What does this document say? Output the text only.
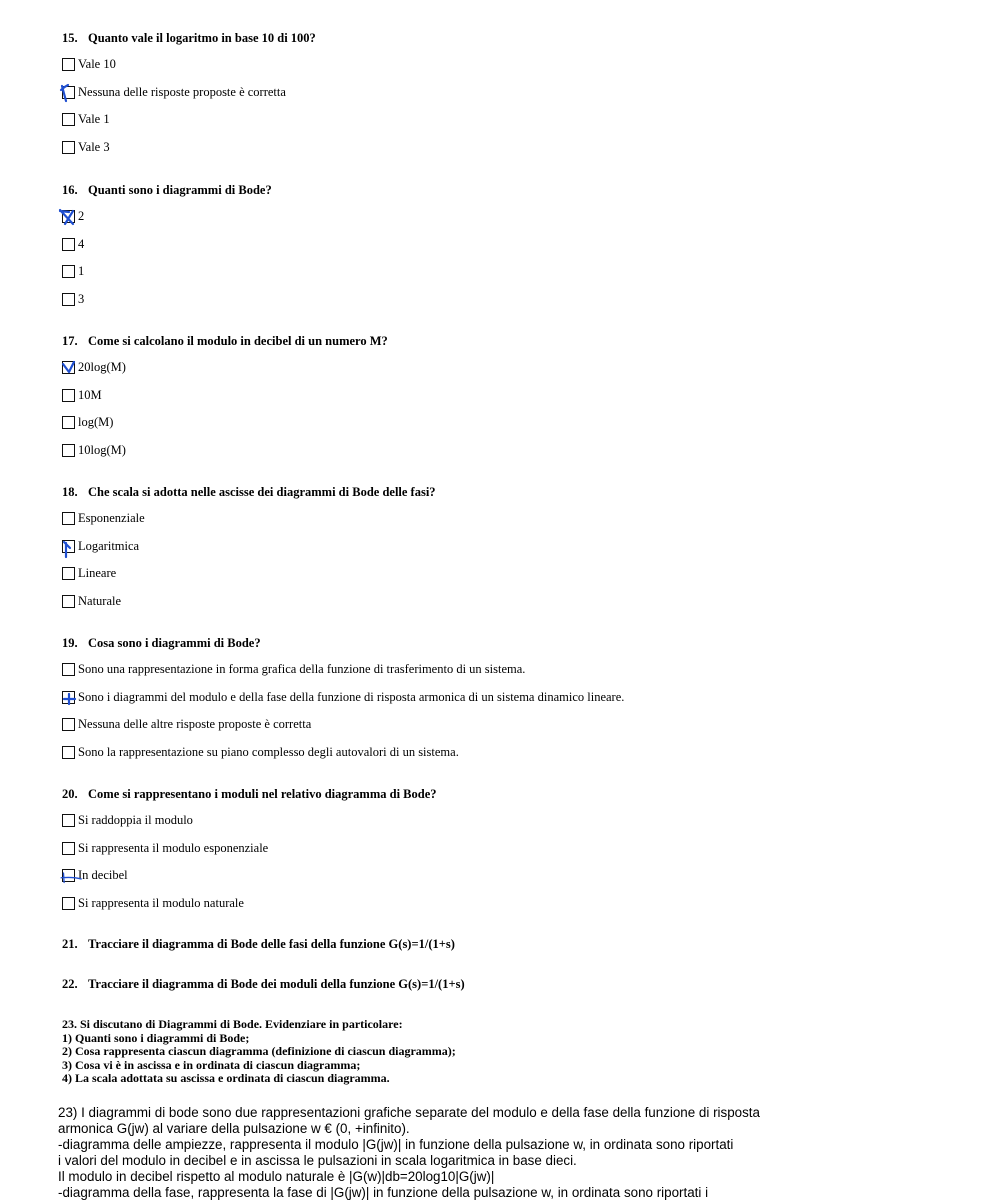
15. Quanto vale il logaritmo in base 10 di 100?
Vale 10
Nessuna delle risposte proposte è corretta
Vale 1
Vale 3
16. Quanti sono i diagrammi di Bode?
2
4
1
3
17. Come si calcolano il modulo in decibel di un numero M?
20log(M)
10M
log(M)
10log(M)
18. Che scala si adotta nelle ascisse dei diagrammi di Bode delle fasi?
Esponenziale
Logaritmica
Lineare
Naturale
19. Cosa sono i diagrammi di Bode?
Sono una rappresentazione in forma grafica della funzione di trasferimento di un sistema.
Sono i diagrammi del modulo e della fase della funzione di risposta armonica di un sistema dinamico lineare.
Nessuna delle altre risposte proposte è corretta
Sono la rappresentazione su piano complesso degli autovalori di un sistema.
20. Come si rappresentano i moduli nel relativo diagramma di Bode?
Si raddoppia il modulo
Si rappresenta il modulo esponenziale
In decibel
Si rappresenta il modulo naturale
21. Tracciare il diagramma di Bode delle fasi della funzione G(s)=1/(1+s)
22. Tracciare il diagramma di Bode dei moduli della funzione G(s)=1/(1+s)
23. Si discutano di Diagrammi di Bode. Evidenziare in particolare:
1) Quanti sono i diagrammi di Bode;
2) Cosa rappresenta ciascun diagramma (definizione di ciascun diagramma);
3) Cosa vi è in ascissa e in ordinata di ciascun diagramma;
4) La scala adottata su ascissa e ordinata di ciascun diagramma.
23) I diagrammi di bode sono due rappresentazioni grafiche separate del modulo e della fase della funzione di risposta
armonica G(jw) al variare della pulsazione w € (0, +infinito).
-diagramma delle ampiezze, rappresenta il modulo |G(jw)| in funzione della pulsazione w, in ordinata sono riportati
i valori del modulo in decibel e in ascissa le pulsazioni in scala logaritmica in base dieci.
Il modulo in decibel rispetto al modulo naturale è |G(w)|db=20log10|G(jw)|
-diagramma della fase, rappresenta la fase di |G(jw)| in funzione della pulsazione w, in ordinata sono riportati i
